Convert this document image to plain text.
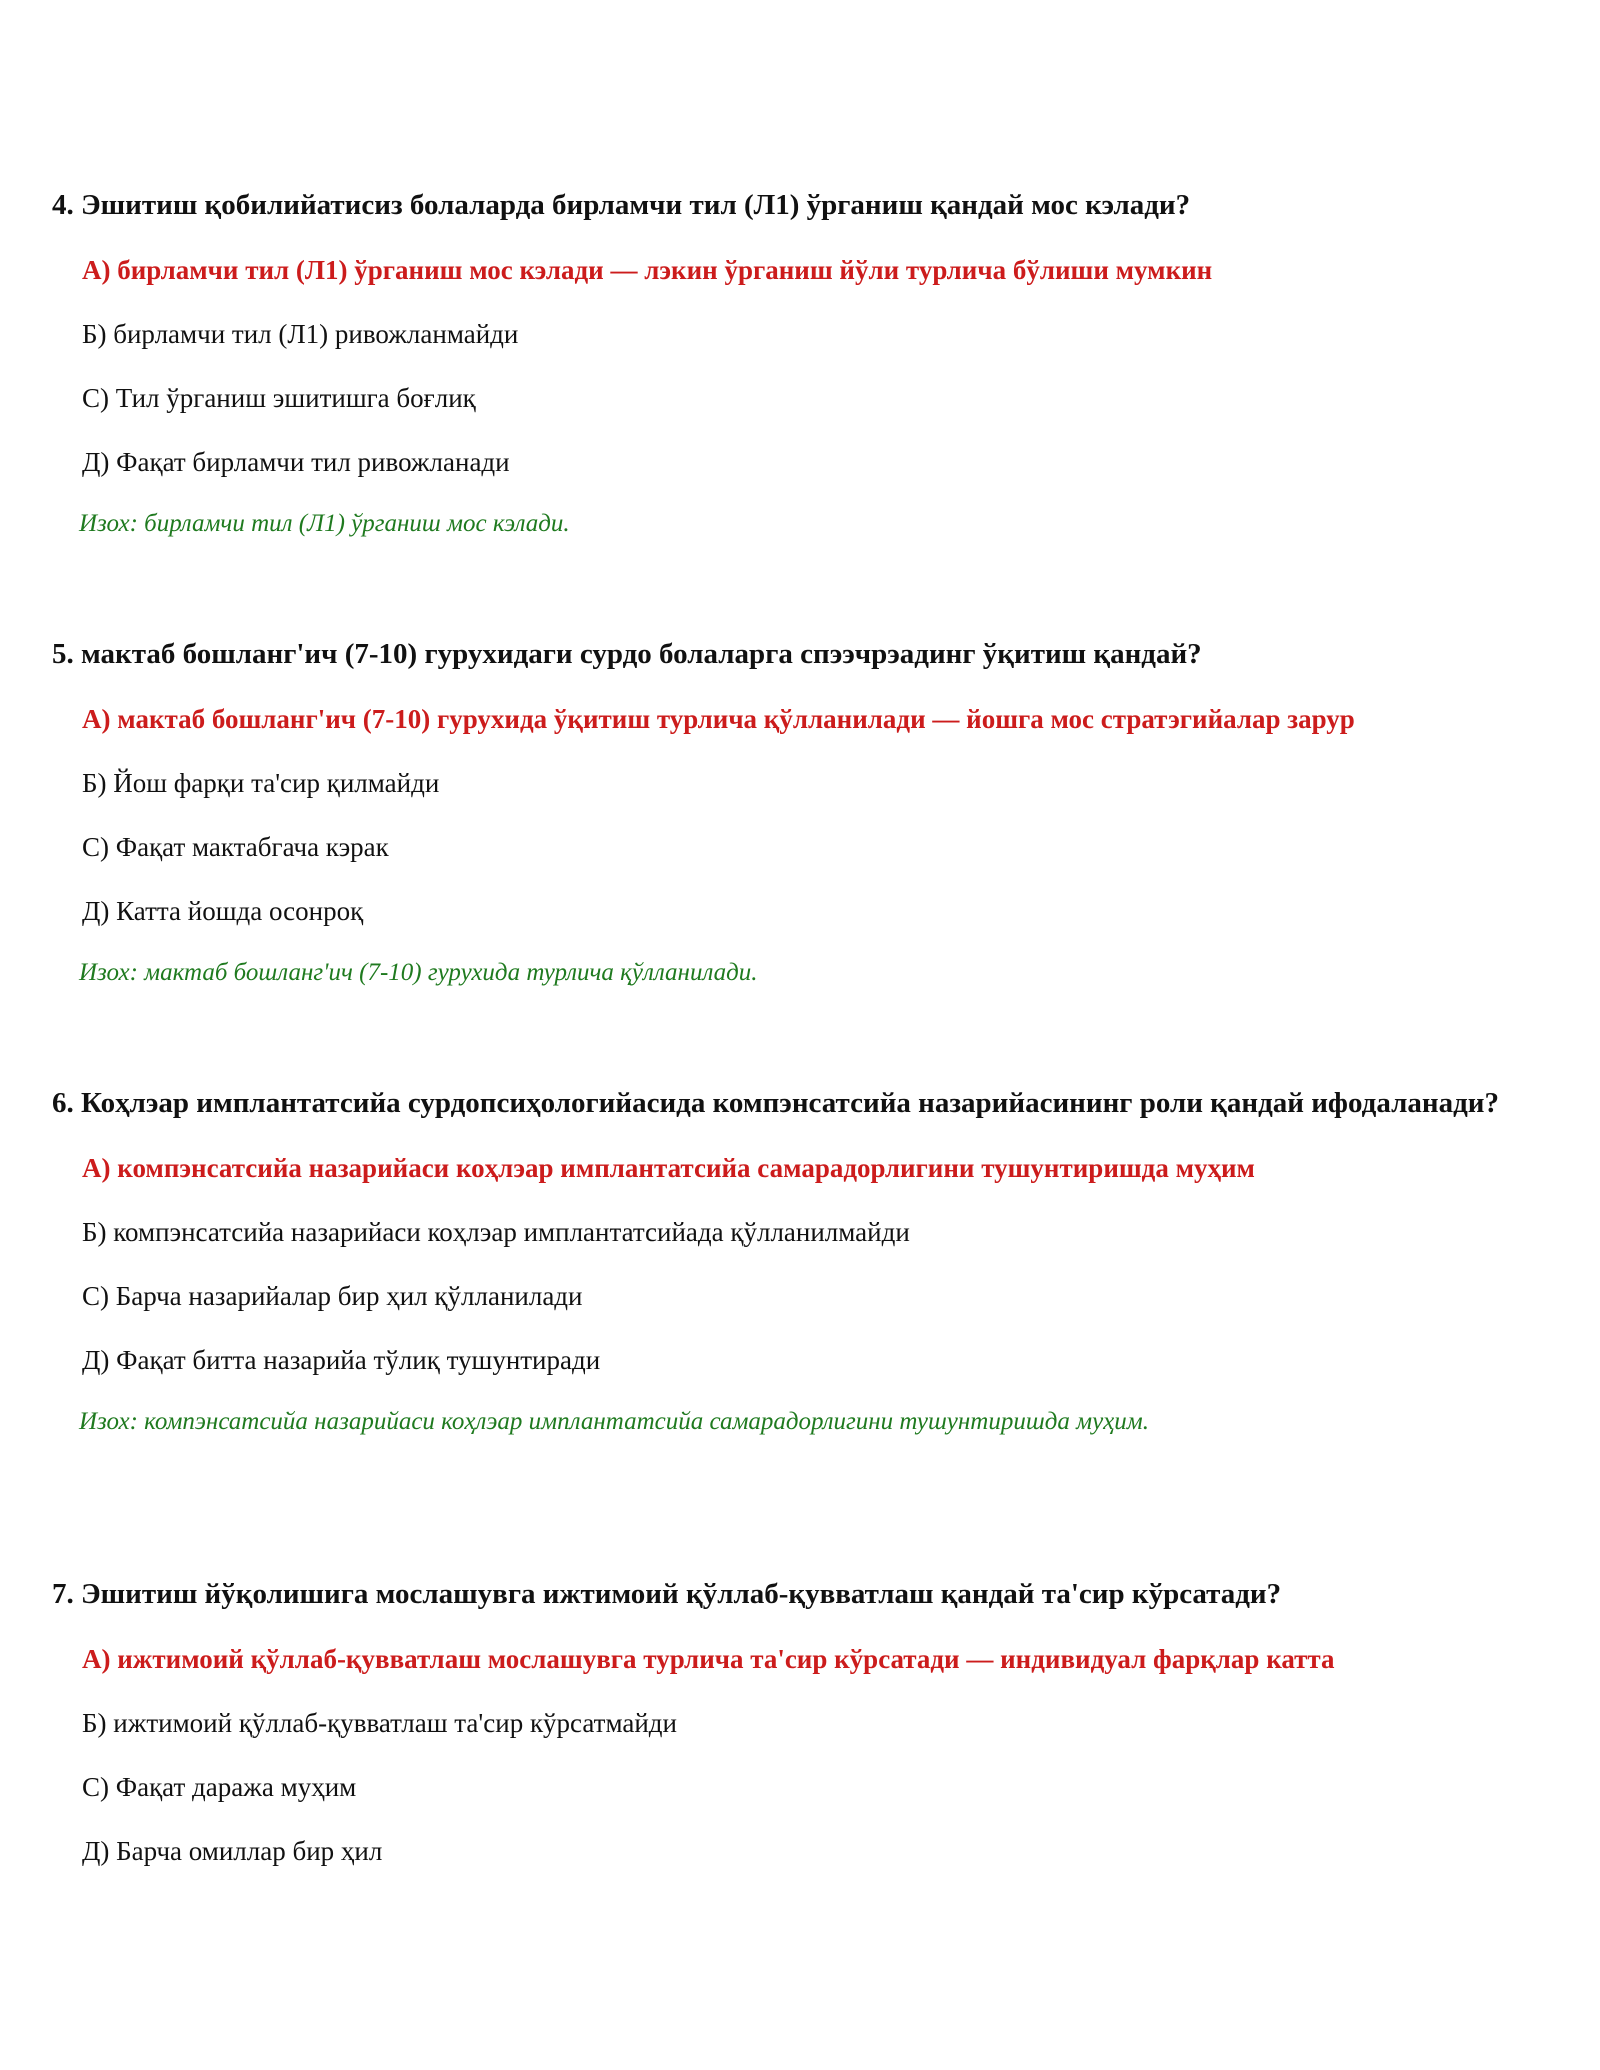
4. Эшитиш қобилийатисиз болаларда бирламчи тил (Л1) ўрганиш қандай мос кэлади?

А) бирламчи тил (Л1) ўрганиш мос кэлади — лэкин ўрганиш йўли турлича бўлиши мумкин
Б) бирламчи тил (Л1) ривожланмайди
С) Тил ўрганиш эшитишга боғлиқ
Д) Фақат бирламчи тил ривожланади
Изох: бирламчи тил (Л1) ўрганиш мос кэлади.

5. мактаб бошланг'ич (7-10) гурухидаги сурдо болаларга спээчрэадинг ўқитиш қандай?

А) мактаб бошланг'ич (7-10) гурухида ўқитиш турлича қўлланилади — йошга мос стратэгийалар зарур
Б) Йош фарқи та'сир қилмайди
С) Фақат мактабгача кэрак
Д) Катта йошда осонроқ
Изох: мактаб бошланг'ич (7-10) гурухида турлича қўлланилади.

6. Коҳлэар имплантатсийа сурдопсиҳологийасида компэнсатсийа назарийасининг роли қандай ифодаланади?

А) компэнсатсийа назарийаси коҳлэар имплантатсийа самарадорлигини тушунтиришда муҳим
Б) компэнсатсийа назарийаси коҳлэар имплантатсийада қўлланилмайди
С) Барча назарийалар бир ҳил қўлланилади
Д) Фақат битта назарийа тўлиқ тушунтиради
Изох: компэнсатсийа назарийаси коҳлэар имплантатсийа самарадорлигини тушунтиришда муҳим.

7. Эшитиш йўқолишига мослашувга ижтимоий қўллаб-қувватлаш қандай та'сир кўрсатади?

А) ижтимоий қўллаб-қувватлаш мослашувга турлича та'сир кўрсатади — индивидуал фарқлар катта
Б) ижтимоий қўллаб-қувватлаш та'сир кўрсатмайди
С) Фақат даража муҳим
Д) Барча омиллар бир ҳил
